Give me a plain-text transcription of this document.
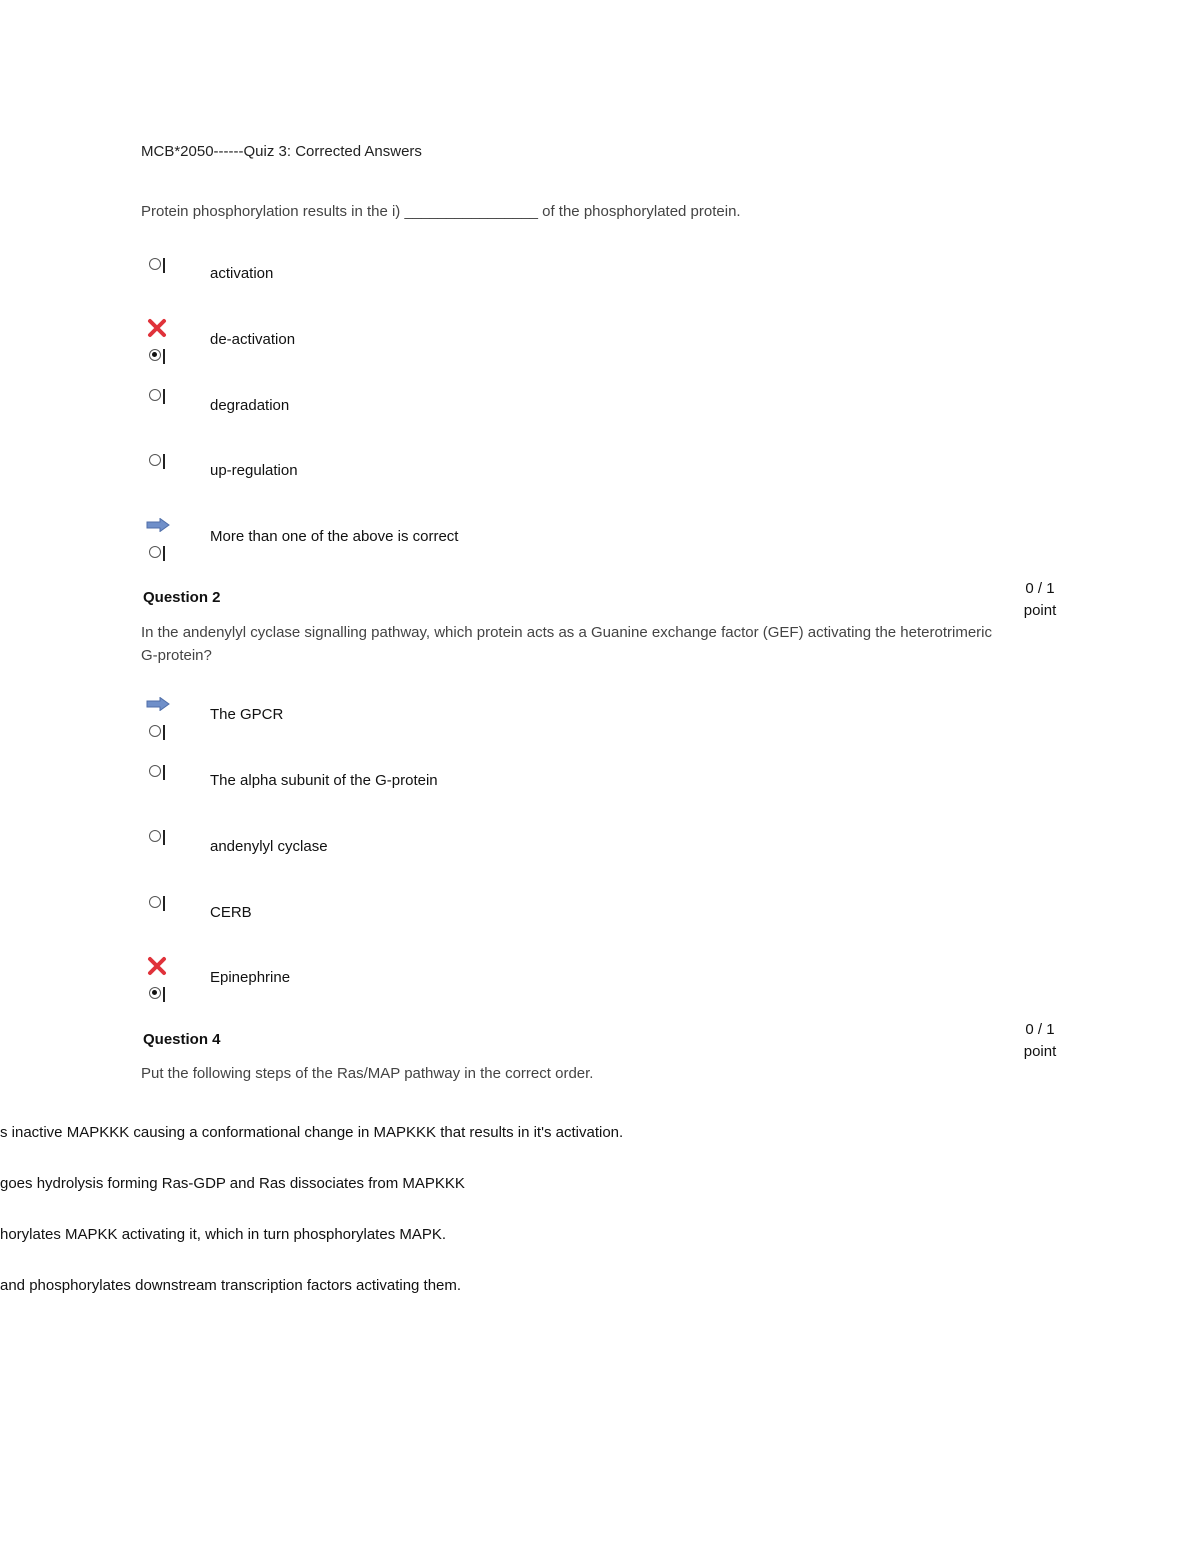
MCB*2050------Quiz 3: Corrected Answers
Protein phosphorylation results in the i) ________________ of the phosphorylated protein.
activation
de-activation
degradation
up-regulation
More than one of the above is correct
Question 2
0 / 1
point
In the andenylyl cyclase signalling pathway, which protein acts as a Guanine exchange factor (GEF) activating the heterotrimeric G-protein?
The GPCR
The alpha subunit of the G-protein
andenylyl cyclase
CERB
Epinephrine
Question 4
0 / 1
point
Put the following steps of the Ras/MAP pathway in the correct order.
s inactive MAPKKK causing a conformational change in MAPKKK that results in it's activation.
goes hydrolysis forming Ras-GDP and Ras dissociates from MAPKKK
horylates MAPKK activating it, which in turn phosphorylates MAPK.
and phosphorylates downstream transcription factors activating them.
